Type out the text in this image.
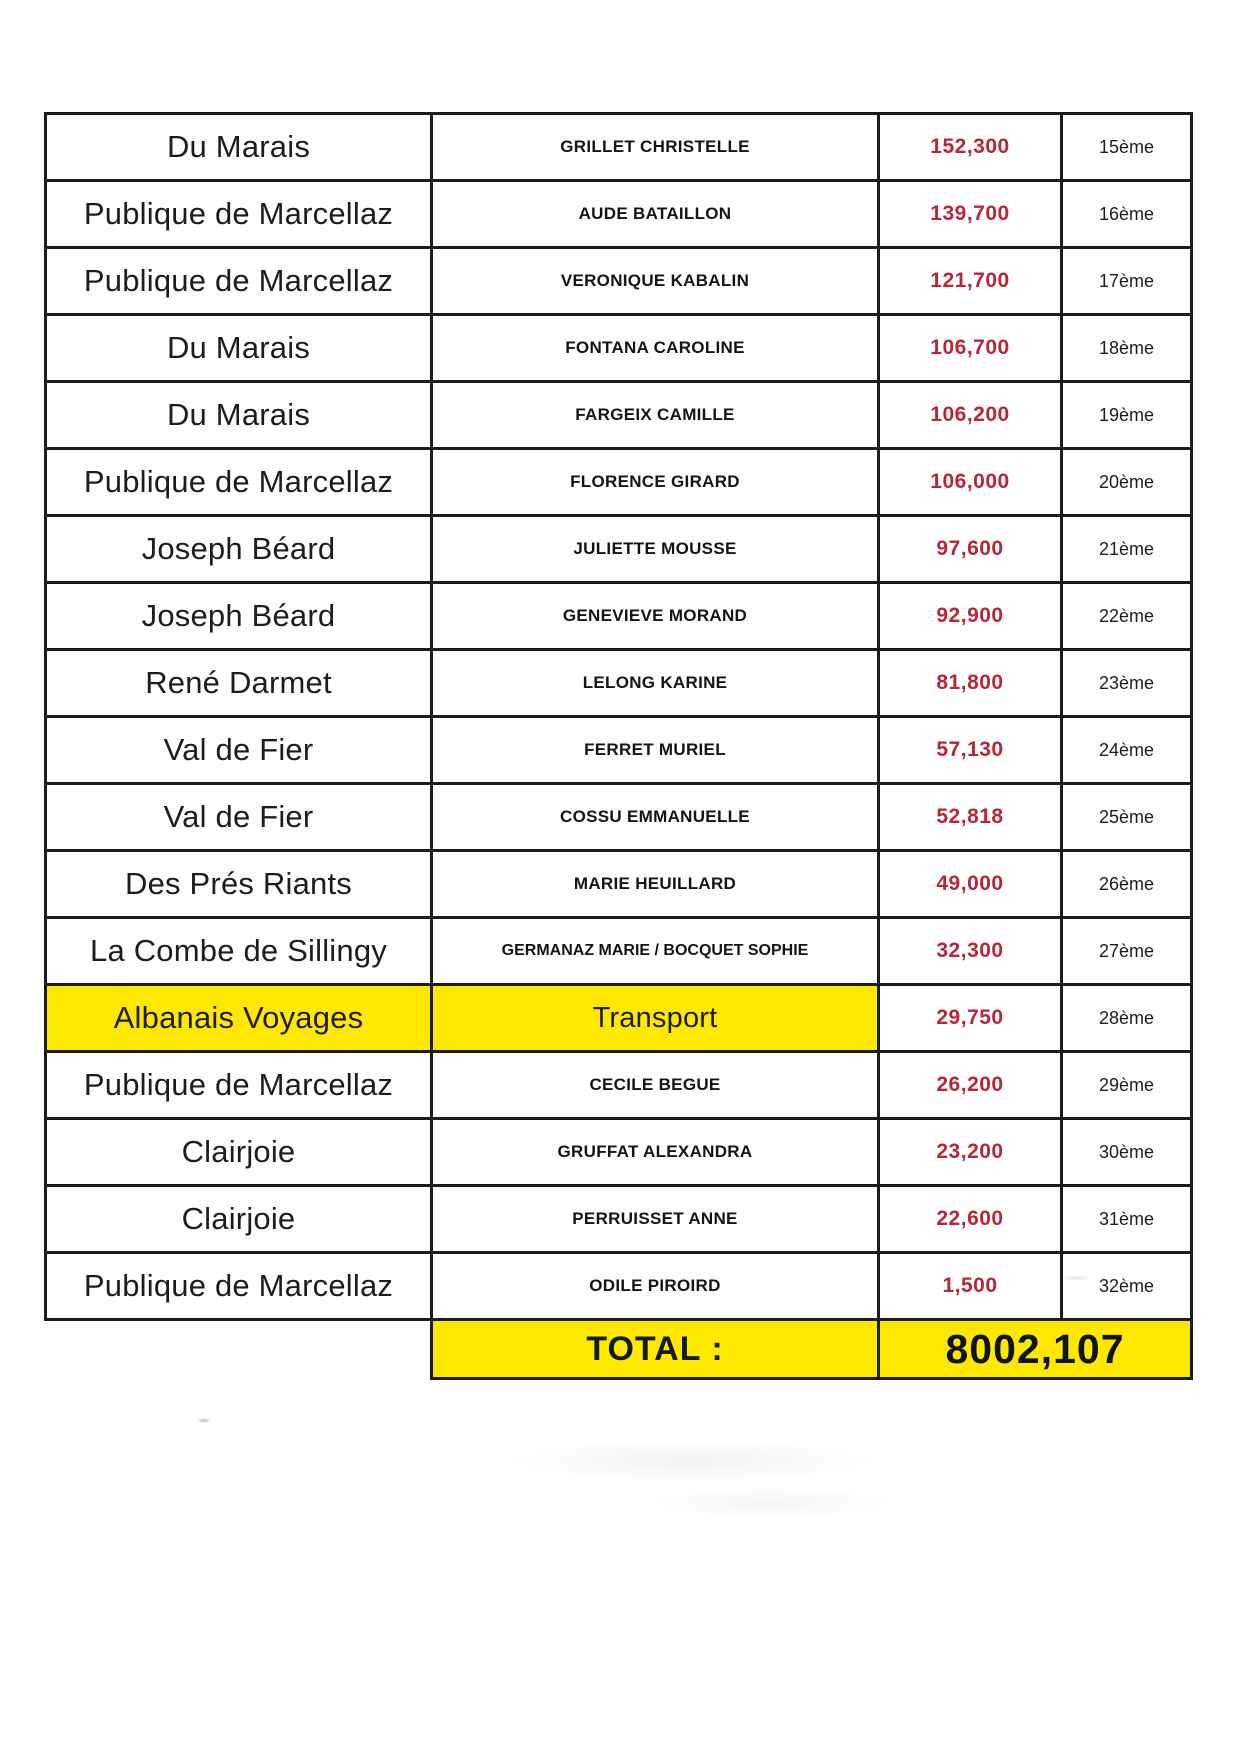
Du Marais	GRILLET CHRISTELLE	152,300	15ème
Publique de Marcellaz	AUDE BATAILLON	139,700	16ème
Publique de Marcellaz	VERONIQUE KABALIN	121,700	17ème
Du Marais	FONTANA CAROLINE	106,700	18ème
Du Marais	FARGEIX CAMILLE	106,200	19ème
Publique de Marcellaz	FLORENCE GIRARD	106,000	20ème
Joseph Béard	JULIETTE MOUSSE	97,600	21ème
Joseph Béard	GENEVIEVE MORAND	92,900	22ème
René Darmet	LELONG KARINE	81,800	23ème
Val de Fier	FERRET MURIEL	57,130	24ème
Val de Fier	COSSU EMMANUELLE	52,818	25ème
Des Prés Riants	MARIE HEUILLARD	49,000	26ème
La Combe de Sillingy	GERMANAZ MARIE / BOCQUET SOPHIE	32,300	27ème
Albanais Voyages	Transport	29,750	28ème
Publique de Marcellaz	CECILE BEGUE	26,200	29ème
Clairjoie	GRUFFAT ALEXANDRA	23,200	30ème
Clairjoie	PERRUISSET ANNE	22,600	31ème
Publique de Marcellaz	ODILE PIROIRD	1,500	32ème
	TOTAL :	8002,107	
